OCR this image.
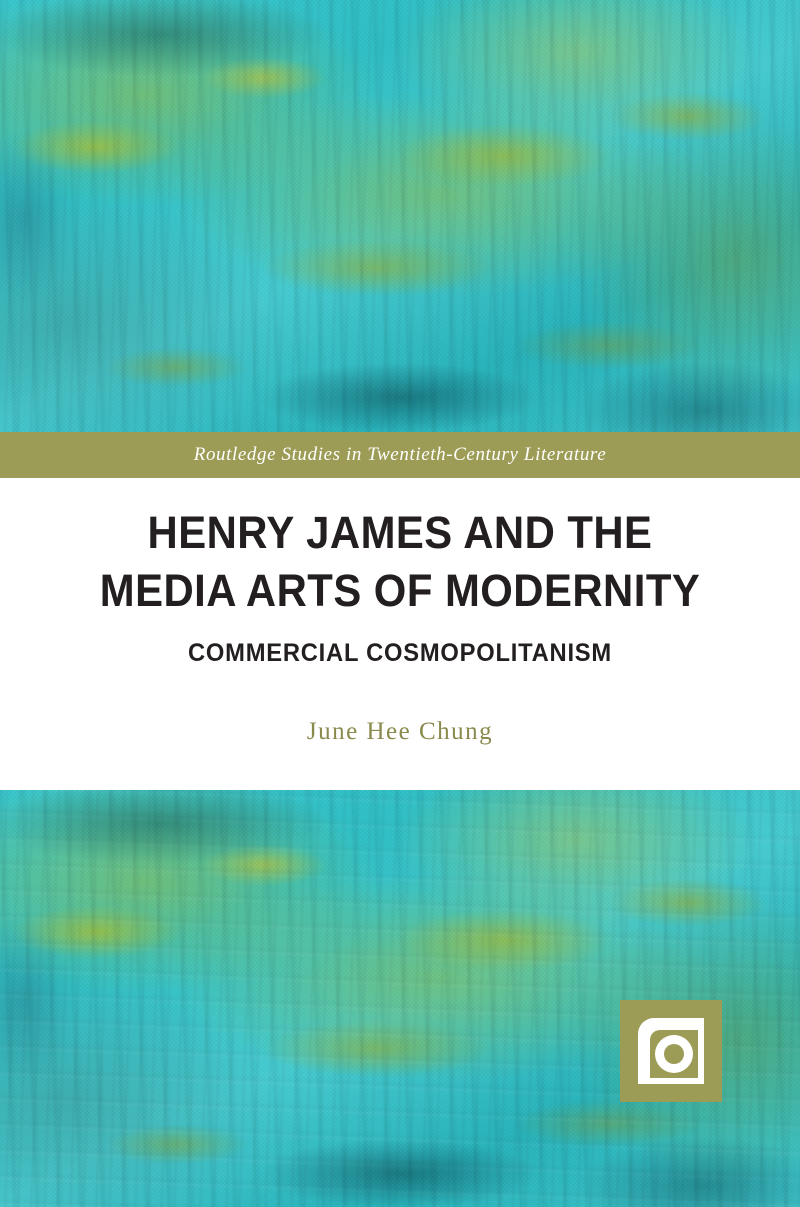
Routledge Studies in Twentieth-Century Literature
HENRY JAMES AND THE MEDIA ARTS OF MODERNITY
COMMERCIAL COSMOPOLITANISM
June Hee Chung
